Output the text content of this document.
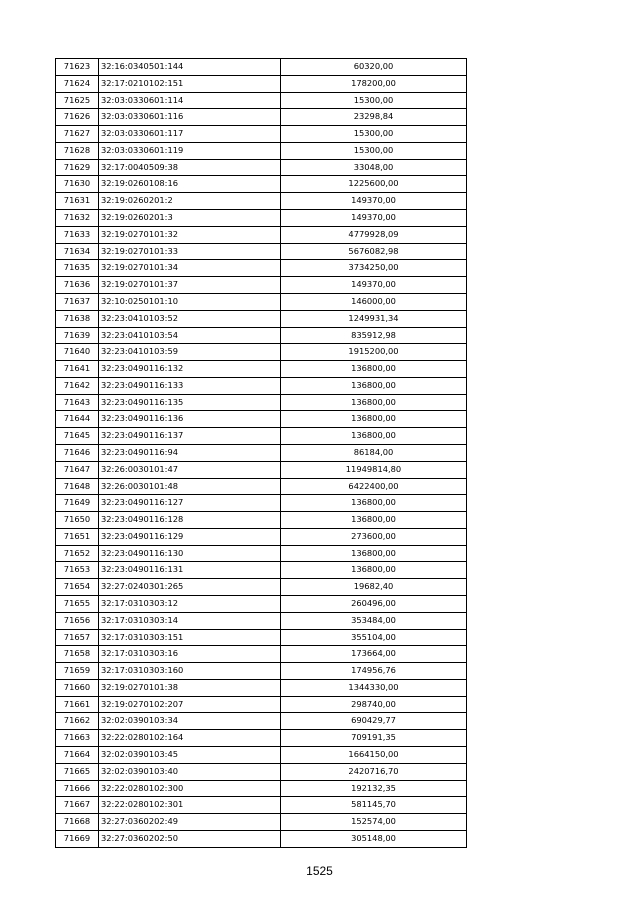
71623	32:16:0340501:144	60320,00
71624	32:17:0210102:151	178200,00
71625	32:03:0330601:114	15300,00
71626	32:03:0330601:116	23298,84
71627	32:03:0330601:117	15300,00
71628	32:03:0330601:119	15300,00
71629	32:17:0040509:38	33048,00
71630	32:19:0260108:16	1225600,00
71631	32:19:0260201:2	149370,00
71632	32:19:0260201:3	149370,00
71633	32:19:0270101:32	4779928,09
71634	32:19:0270101:33	5676082,98
71635	32:19:0270101:34	3734250,00
71636	32:19:0270101:37	149370,00
71637	32:10:0250101:10	146000,00
71638	32:23:0410103:52	1249931,34
71639	32:23:0410103:54	835912,98
71640	32:23:0410103:59	1915200,00
71641	32:23:0490116:132	136800,00
71642	32:23:0490116:133	136800,00
71643	32:23:0490116:135	136800,00
71644	32:23:0490116:136	136800,00
71645	32:23:0490116:137	136800,00
71646	32:23:0490116:94	86184,00
71647	32:26:0030101:47	11949814,80
71648	32:26:0030101:48	6422400,00
71649	32:23:0490116:127	136800,00
71650	32:23:0490116:128	136800,00
71651	32:23:0490116:129	273600,00
71652	32:23:0490116:130	136800,00
71653	32:23:0490116:131	136800,00
71654	32:27:0240301:265	19682,40
71655	32:17:0310303:12	260496,00
71656	32:17:0310303:14	353484,00
71657	32:17:0310303:151	355104,00
71658	32:17:0310303:16	173664,00
71659	32:17:0310303:160	174956,76
71660	32:19:0270101:38	1344330,00
71661	32:19:0270102:207	298740,00
71662	32:02:0390103:34	690429,77
71663	32:22:0280102:164	709191,35
71664	32:02:0390103:45	1664150,00
71665	32:02:0390103:40	2420716,70
71666	32:22:0280102:300	192132,35
71667	32:22:0280102:301	581145,70
71668	32:27:0360202:49	152574,00
71669	32:27:0360202:50	305148,00
1525
